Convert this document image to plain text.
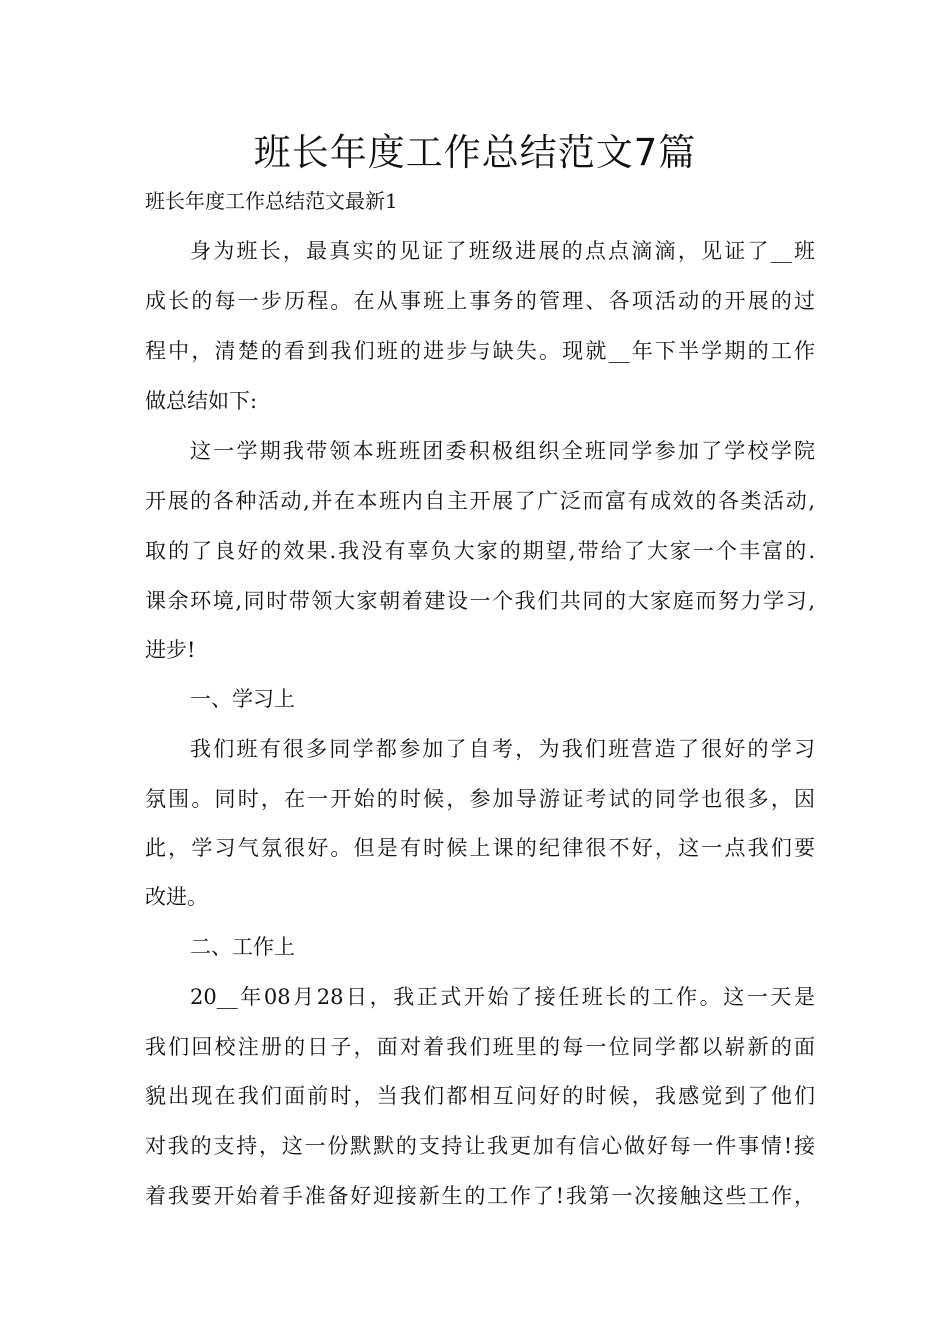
班长年度工作总结范文7篇
班长年度工作总结范文最新1
身为班长，最真实的见证了班级进展的点点滴滴，见证了__班
成长的每一步历程。在从事班上事务的管理、各项活动的开展的过
程中，清楚的看到我们班的进步与缺失。现就__年下半学期的工作
做总结如下:
这一学期我带领本班班团委积极组织全班同学参加了学校学院
开展的各种活动,并在本班内自主开展了广泛而富有成效的各类活动,
取的了良好的效果.我没有辜负大家的期望,带给了大家一个丰富的.
课余环境,同时带领大家朝着建设一个我们共同的大家庭而努力学习,
进步!
一、学习上
我们班有很多同学都参加了自考，为我们班营造了很好的学习
氛围。同时，在一开始的时候，参加导游证考试的同学也很多，因
此，学习气氛很好。但是有时候上课的纪律很不好，这一点我们要
改进。
二、工作上
20__年08月28日，我正式开始了接任班长的工作。这一天是
我们回校注册的日子，面对着我们班里的每一位同学都以崭新的面
貌出现在我们面前时，当我们都相互问好的时候，我感觉到了他们
对我的支持，这一份默默的支持让我更加有信心做好每一件事情!接
着我要开始着手准备好迎接新生的工作了!我第一次接触这些工作，
